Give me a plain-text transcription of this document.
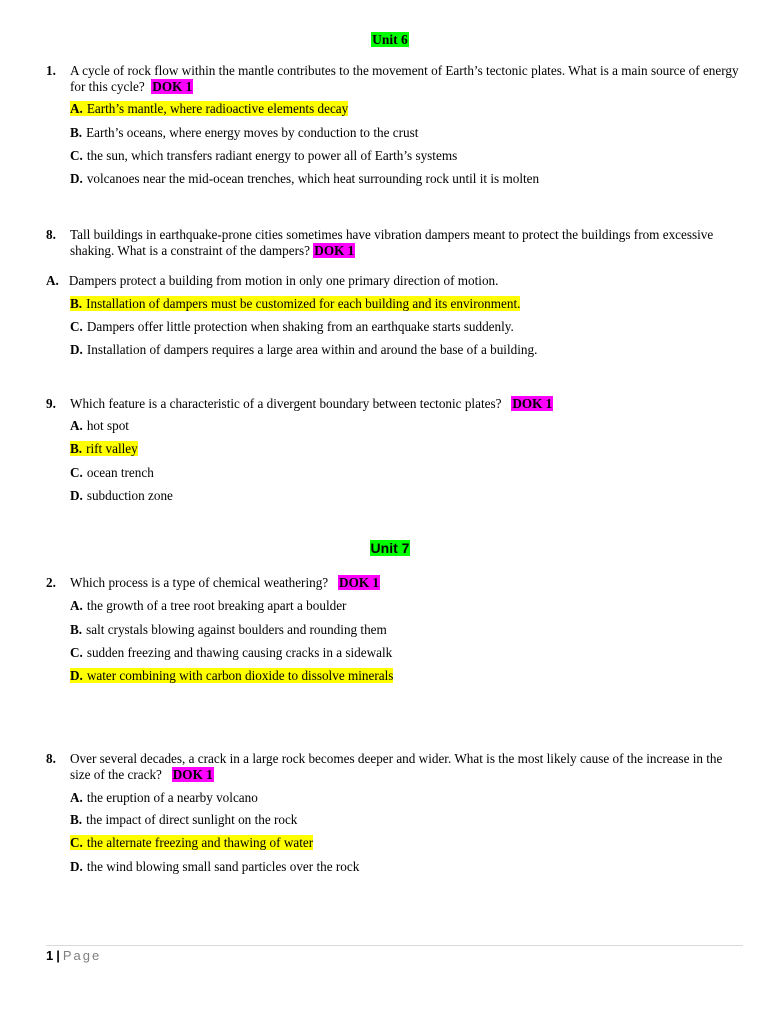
Unit 6
1. A cycle of rock flow within the mantle contributes to the movement of Earth’s tectonic plates. What is a main source of energy for this cycle? DOK 1
A. Earth’s mantle, where radioactive elements decay
B. Earth’s oceans, where energy moves by conduction to the crust
C. the sun, which transfers radiant energy to power all of Earth’s systems
D. volcanoes near the mid-ocean trenches, which heat surrounding rock until it is molten
8. Tall buildings in earthquake-prone cities sometimes have vibration dampers meant to protect the buildings from excessive shaking. What is a constraint of the dampers? DOK 1
A. Dampers protect a building from motion in only one primary direction of motion.
B. Installation of dampers must be customized for each building and its environment.
C. Dampers offer little protection when shaking from an earthquake starts suddenly.
D. Installation of dampers requires a large area within and around the base of a building.
9. Which feature is a characteristic of a divergent boundary between tectonic plates? DOK 1
A. hot spot
B. rift valley
C. ocean trench
D. subduction zone
Unit 7
2. Which process is a type of chemical weathering? DOK 1
A. the growth of a tree root breaking apart a boulder
B. salt crystals blowing against boulders and rounding them
C. sudden freezing and thawing causing cracks in a sidewalk
D. water combining with carbon dioxide to dissolve minerals
8. Over several decades, a crack in a large rock becomes deeper and wider. What is the most likely cause of the increase in the size of the crack? DOK 1
A. the eruption of a nearby volcano
B. the impact of direct sunlight on the rock
C. the alternate freezing and thawing of water
D. the wind blowing small sand particles over the rock
1 | Page
